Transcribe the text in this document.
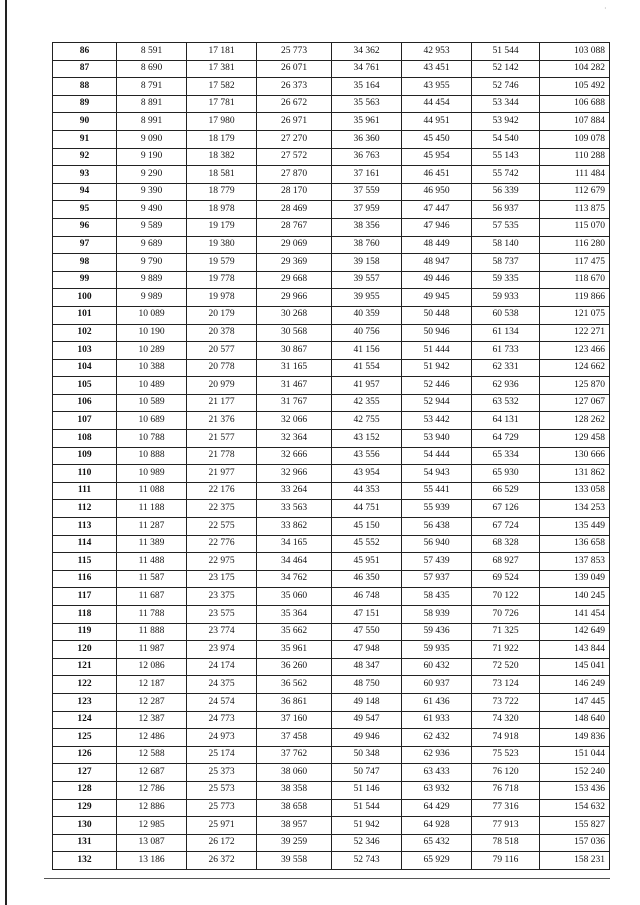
·
86	8 591	17 181	25 773	34 362	42 953	51 544	103 088
87	8 690	17 381	26 071	34 761	43 451	52 142	104 282
88	8 791	17 582	26 373	35 164	43 955	52 746	105 492
89	8 891	17 781	26 672	35 563	44 454	53 344	106 688
90	8 991	17 980	26 971	35 961	44 951	53 942	107 884
91	9 090	18 179	27 270	36 360	45 450	54 540	109 078
92	9 190	18 382	27 572	36 763	45 954	55 143	110 288
93	9 290	18 581	27 870	37 161	46 451	55 742	111 484
94	9 390	18 779	28 170	37 559	46 950	56 339	112 679
95	9 490	18 978	28 469	37 959	47 447	56 937	113 875
96	9 589	19 179	28 767	38 356	47 946	57 535	115 070
97	9 689	19 380	29 069	38 760	48 449	58 140	116 280
98	9 790	19 579	29 369	39 158	48 947	58 737	117 475
99	9 889	19 778	29 668	39 557	49 446	59 335	118 670
100	9 989	19 978	29 966	39 955	49 945	59 933	119 866
101	10 089	20 179	30 268	40 359	50 448	60 538	121 075
102	10 190	20 378	30 568	40 756	50 946	61 134	122 271
103	10 289	20 577	30 867	41 156	51 444	61 733	123 466
104	10 388	20 778	31 165	41 554	51 942	62 331	124 662
105	10 489	20 979	31 467	41 957	52 446	62 936	125 870
106	10 589	21 177	31 767	42 355	52 944	63 532	127 067
107	10 689	21 376	32 066	42 755	53 442	64 131	128 262
108	10 788	21 577	32 364	43 152	53 940	64 729	129 458
109	10 888	21 778	32 666	43 556	54 444	65 334	130 666
110	10 989	21 977	32 966	43 954	54 943	65 930	131 862
111	11 088	22 176	33 264	44 353	55 441	66 529	133 058
112	11 188	22 375	33 563	44 751	55 939	67 126	134 253
113	11 287	22 575	33 862	45 150	56 438	67 724	135 449
114	11 389	22 776	34 165	45 552	56 940	68 328	136 658
115	11 488	22 975	34 464	45 951	57 439	68 927	137 853
116	11 587	23 175	34 762	46 350	57 937	69 524	139 049
117	11 687	23 375	35 060	46 748	58 435	70 122	140 245
118	11 788	23 575	35 364	47 151	58 939	70 726	141 454
119	11 888	23 774	35 662	47 550	59 436	71 325	142 649
120	11 987	23 974	35 961	47 948	59 935	71 922	143 844
121	12 086	24 174	36 260	48 347	60 432	72 520	145 041
122	12 187	24 375	36 562	48 750	60 937	73 124	146 249
123	12 287	24 574	36 861	49 148	61 436	73 722	147 445
124	12 387	24 773	37 160	49 547	61 933	74 320	148 640
125	12 486	24 973	37 458	49 946	62 432	74 918	149 836
126	12 588	25 174	37 762	50 348	62 936	75 523	151 044
127	12 687	25 373	38 060	50 747	63 433	76 120	152 240
128	12 786	25 573	38 358	51 146	63 932	76 718	153 436
129	12 886	25 773	38 658	51 544	64 429	77 316	154 632
130	12 985	25 971	38 957	51 942	64 928	77 913	155 827
131	13 087	26 172	39 259	52 346	65 432	78 518	157 036
132	13 186	26 372	39 558	52 743	65 929	79 116	158 231
